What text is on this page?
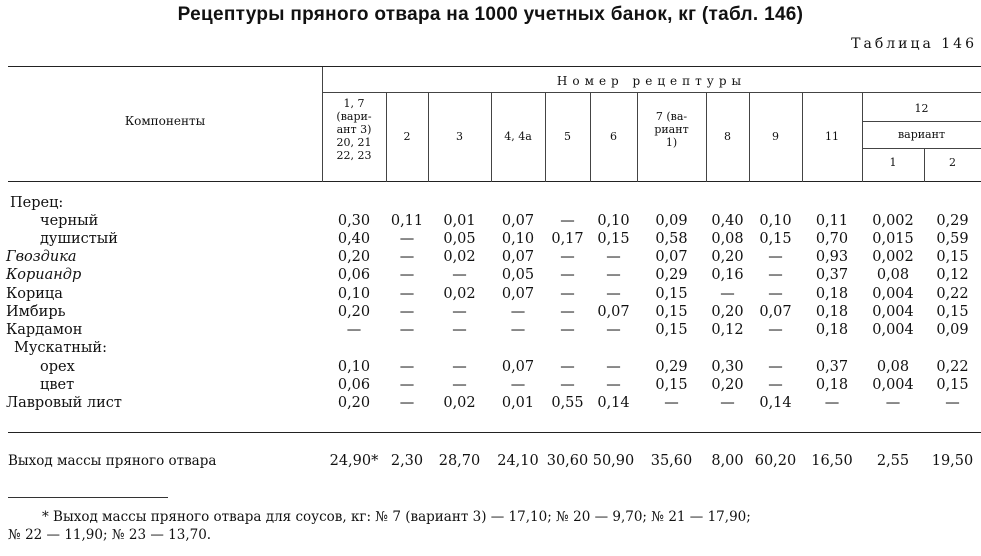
Рецептуры пряного отвара на 1000 учетных банок, кг (табл. 146)
Таблица 146
Компоненты
Номер рецептуры
1, 7
(вари-
ант 3)
20, 21
22, 23
2	3	4, 4а	5	6
7 (ва-
риант
1)	8	9	11
12
вариант
1	2
Перец:
черный	0,30	0,11	0,01	0,07	—	0,10	0,09	0,40	0,10	0,11	0,002	0,29
душистый	0,40	—	0,05	0,10	0,17 0,15	0,58	0,08	0,15	0,70	0,015	0,59
Гвоздика	0,20	—	0,02	0,07	—	—	0,07	0,20	—	0,93	0,002	0,15
Кориандр	0,06	—	—	0,05	—	—	0,29	0,16	—	0,37	0,08	0,12
Корица	0,10	—	0,02	0,07	—	—	0,15	—	—	0,18	0,004	0,22
Имбирь	0,20	—	—	—	—	0,07	0,15	0,20	0,07	0,18	0,004	0,15
Кардамон	—	—	—	—	—	—	0,15	0,12	—	0,18	0,004	0,09
Мускатный:
орех	0,10	—	—	0,07	—	—	0,29	0,30	—	0,37	0,08	0,22
цвет	0,06	—	—	—	—	—	0,15	0,20	—	0,18	0,004	0,15
Лавровый лист	0,20	—	0,02	0,01	0,55 0,14	—	—	0,14	—	—	—
Выход массы пряного отвара	24,90* 2,30	28,70	24,10 30,60 50,90	35,60	8,00 60,20	16,50	2,55	19,50
* Выход массы пряного отвара для соусов, кг: № 7 (вариант 3) — 17,10; № 20 — 9,70; № 21 — 17,90;
№ 22 — 11,90; № 23 — 13,70.
